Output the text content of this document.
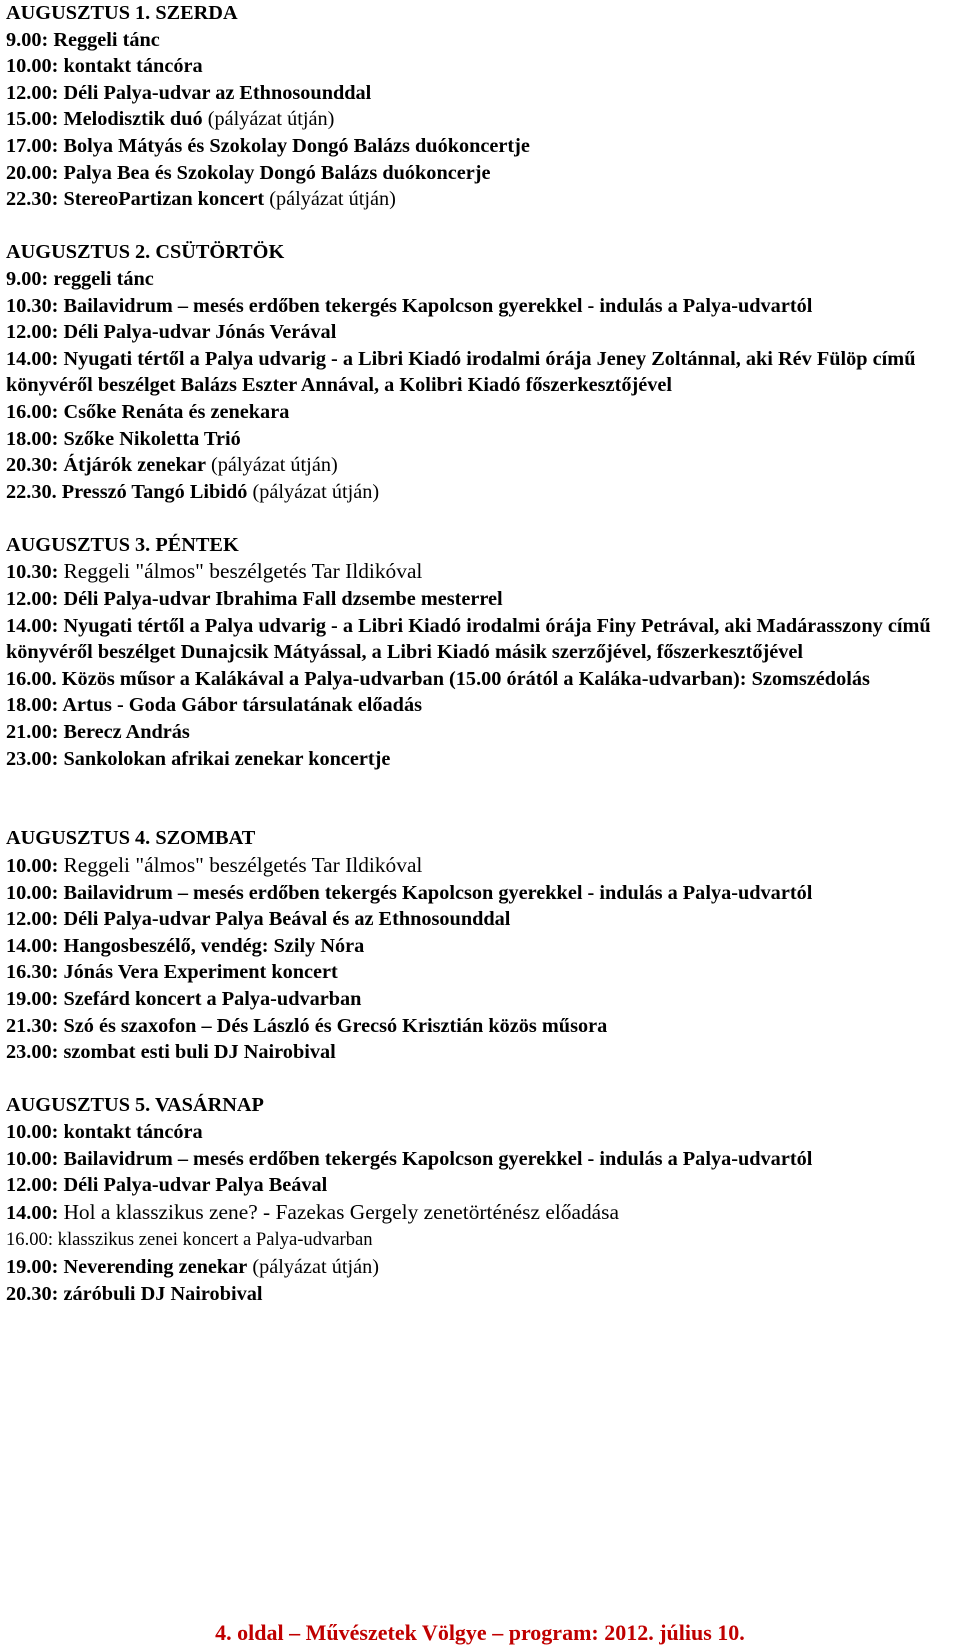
AUGUSZTUS 1. SZERDA
9.00: Reggeli tánc
10.00: kontakt táncóra
12.00: Déli Palya-udvar az Ethnosounddal
15.00: Melodisztik duó (pályázat útján)
17.00: Bolya Mátyás és Szokolay Dongó Balázs duókoncertje
20.00: Palya Bea és Szokolay Dongó Balázs duókoncerje
22.30: StereoPartizan koncert (pályázat útján)
AUGUSZTUS 2. CSÜTÖRTÖK
9.00: reggeli tánc
10.30: Bailavidrum – mesés erdőben tekergés Kapolcson gyerekkel - indulás a Palya-udvartól
12.00: Déli Palya-udvar Jónás Verával
14.00: Nyugati tértől a Palya udvarig - a Libri Kiadó irodalmi órája Jeney Zoltánnal, aki Rév Fülöp című könyvéről beszélget Balázs Eszter Annával, a Kolibri Kiadó főszerkesztőjével
16.00: Csőke Renáta és zenekara
18.00: Szőke Nikoletta Trió
20.30: Átjárók zenekar (pályázat útján)
22.30. Presszó Tangó Libidó (pályázat útján)
AUGUSZTUS 3. PÉNTEK
10.30: Reggeli "álmos" beszélgetés Tar Ildikóval
12.00: Déli Palya-udvar Ibrahima Fall dzsembe mesterrel
14.00: Nyugati tértől a Palya udvarig - a Libri Kiadó irodalmi órája Finy Petrával, aki Madárasszony című könyvéről beszélget Dunajcsik Mátyással, a Libri Kiadó másik szerzőjével, főszerkesztőjével
16.00. Közös műsor a Kalákával a Palya-udvarban (15.00 órától a Kaláka-udvarban): Szomszédolás
18.00: Artus - Goda Gábor társulatának előadás
21.00: Berecz András
23.00: Sankolokan afrikai zenekar koncertje
AUGUSZTUS 4. SZOMBAT
10.00: Reggeli "álmos" beszélgetés Tar Ildikóval
10.00: Bailavidrum – mesés erdőben tekergés Kapolcson gyerekkel - indulás a Palya-udvartól
12.00: Déli Palya-udvar Palya Beával és az Ethnosounddal
14.00: Hangosbeszélő, vendég: Szily Nóra
16.30: Jónás Vera Experiment koncert
19.00: Szefárd koncert a Palya-udvarban
21.30: Szó és szaxofon – Dés László és Grecsó Krisztián közös műsora
23.00: szombat esti buli DJ Nairobival
AUGUSZTUS 5. VASÁRNAP
10.00: kontakt táncóra
10.00: Bailavidrum – mesés erdőben tekergés Kapolcson gyerekkel - indulás a Palya-udvartól
12.00: Déli Palya-udvar Palya Beával
14.00: Hol a klasszikus zene? - Fazekas Gergely zenetörténész előadása
16.00: klasszikus zenei koncert a Palya-udvarban
19.00: Neverending zenekar (pályázat útján)
20.30: záróbuli DJ Nairobival
4. oldal – Művészetek Völgye – program: 2012. július 10.
